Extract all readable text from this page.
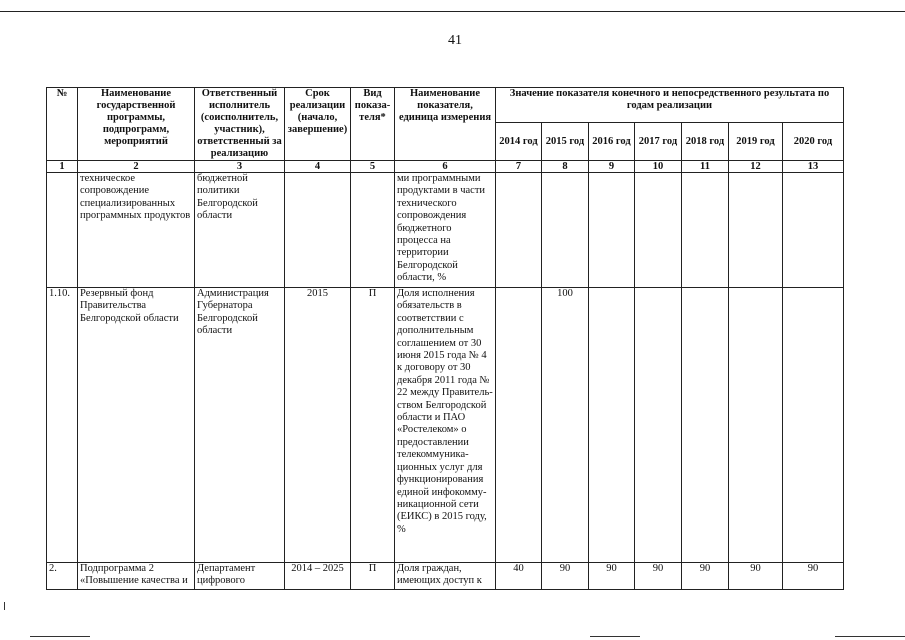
41
№	Наименование государственной программы, подпрограмм, мероприятий	Ответственный исполнитель (соисполнитель, участник), ответственный за реализацию	Срок реализации (начало, завершение)	Вид показа-теля*	Наименование показателя, единица измерения	Значение показателя конечного и непосредственного результата по годам реализации						
						2014 год	2015 год	2016 год	2017 год	2018 год	2019 год	2020 год
1	2	3	4	5	6	7	8	9	10	11	12	13
	техническое сопровождение специализированных программных продуктов	бюджетной политики Белгородской области			ми программными продуктами в части технического сопровождения бюджетного процесса на территории Белгородской области, %							
1.10.	Резервный фонд Правительства Белгородской области	Администрация Губернатора Белгородской области	2015	П	Доля исполнения обязательств в соответствии с дополнительным соглашением от 30 июня 2015 года № 4 к договору от 30 декабря 2011 года № 22 между Правитель-ством Белгородской области и ПАО «Ростелеком» о предоставлении телекоммуника-ционных услуг для функционирования единой инфокомму-никационной сети (ЕИКС) в 2015 году, %		100					
2.	Подпрограмма 2 «Повышение качества и	Департамент цифрового	2014 – 2025	П	Доля граждан, имеющих доступ к	40	90	90	90	90	90	90
